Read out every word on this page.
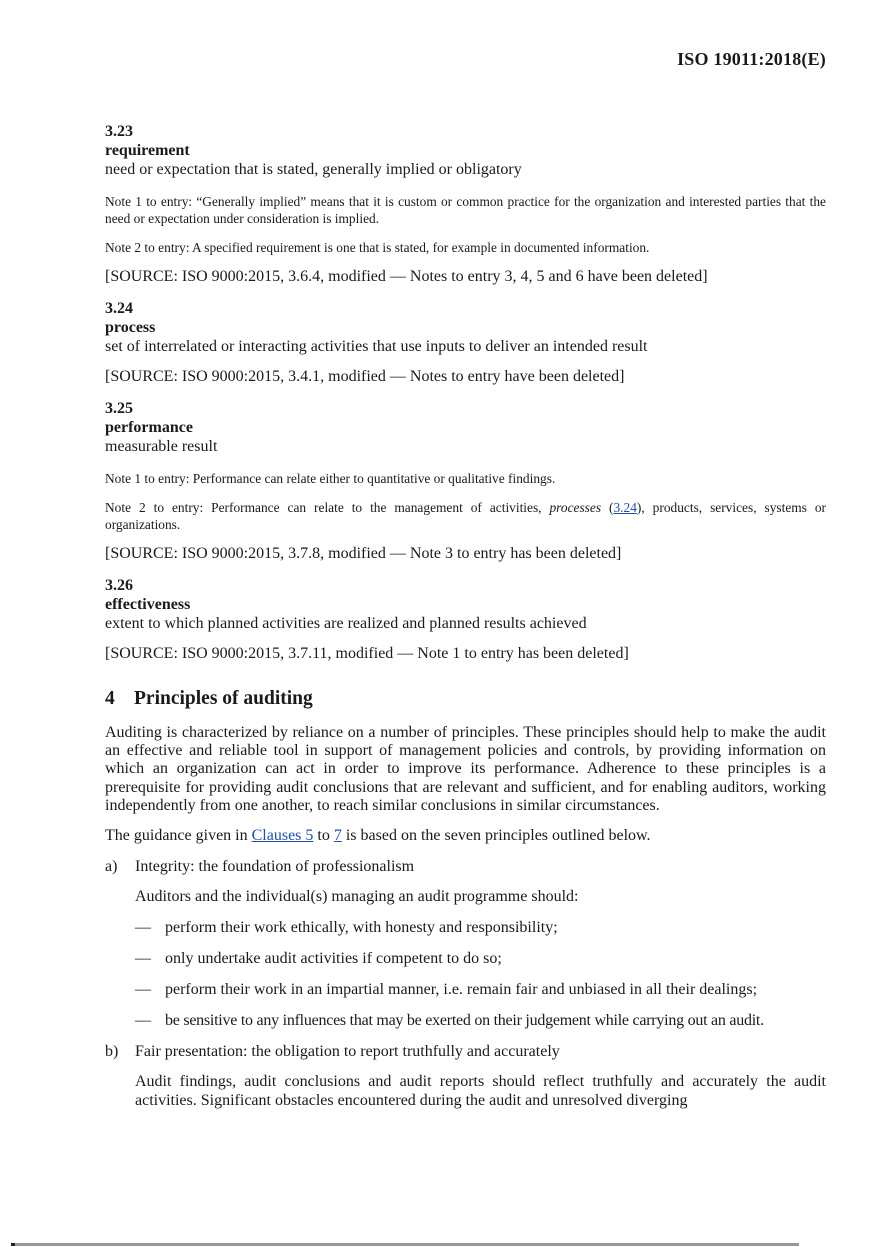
ISO 19011:2018(E)
3.23
requirement
need or expectation that is stated, generally implied or obligatory
Note 1 to entry: “Generally implied” means that it is custom or common practice for the organization and interested parties that the need or expectation under consideration is implied.
Note 2 to entry: A specified requirement is one that is stated, for example in documented information.
[SOURCE: ISO 9000:2015, 3.6.4, modified — Notes to entry 3, 4, 5 and 6 have been deleted]
3.24
process
set of interrelated or interacting activities that use inputs to deliver an intended result
[SOURCE: ISO 9000:2015, 3.4.1, modified — Notes to entry have been deleted]
3.25
performance
measurable result
Note 1 to entry: Performance can relate either to quantitative or qualitative findings.
Note 2 to entry: Performance can relate to the management of activities, processes (3.24), products, services, systems or organizations.
[SOURCE: ISO 9000:2015, 3.7.8, modified — Note 3 to entry has been deleted]
3.26
effectiveness
extent to which planned activities are realized and planned results achieved
[SOURCE: ISO 9000:2015, 3.7.11, modified — Note 1 to entry has been deleted]
4 Principles of auditing
Auditing is characterized by reliance on a number of principles. These principles should help to make the audit an effective and reliable tool in support of management policies and controls, by providing information on which an organization can act in order to improve its performance. Adherence to these principles is a prerequisite for providing audit conclusions that are relevant and sufficient, and for enabling auditors, working independently from one another, to reach similar conclusions in similar circumstances.
The guidance given in Clauses 5 to 7 is based on the seven principles outlined below.
a)	Integrity: the foundation of professionalism
Auditors and the individual(s) managing an audit programme should:
— perform their work ethically, with honesty and responsibility;
— only undertake audit activities if competent to do so;
— perform their work in an impartial manner, i.e. remain fair and unbiased in all their dealings;
— be sensitive to any influences that may be exerted on their judgement while carrying out an audit.
b)	Fair presentation: the obligation to report truthfully and accurately
Audit findings, audit conclusions and audit reports should reflect truthfully and accurately the audit activities. Significant obstacles encountered during the audit and unresolved diverging
